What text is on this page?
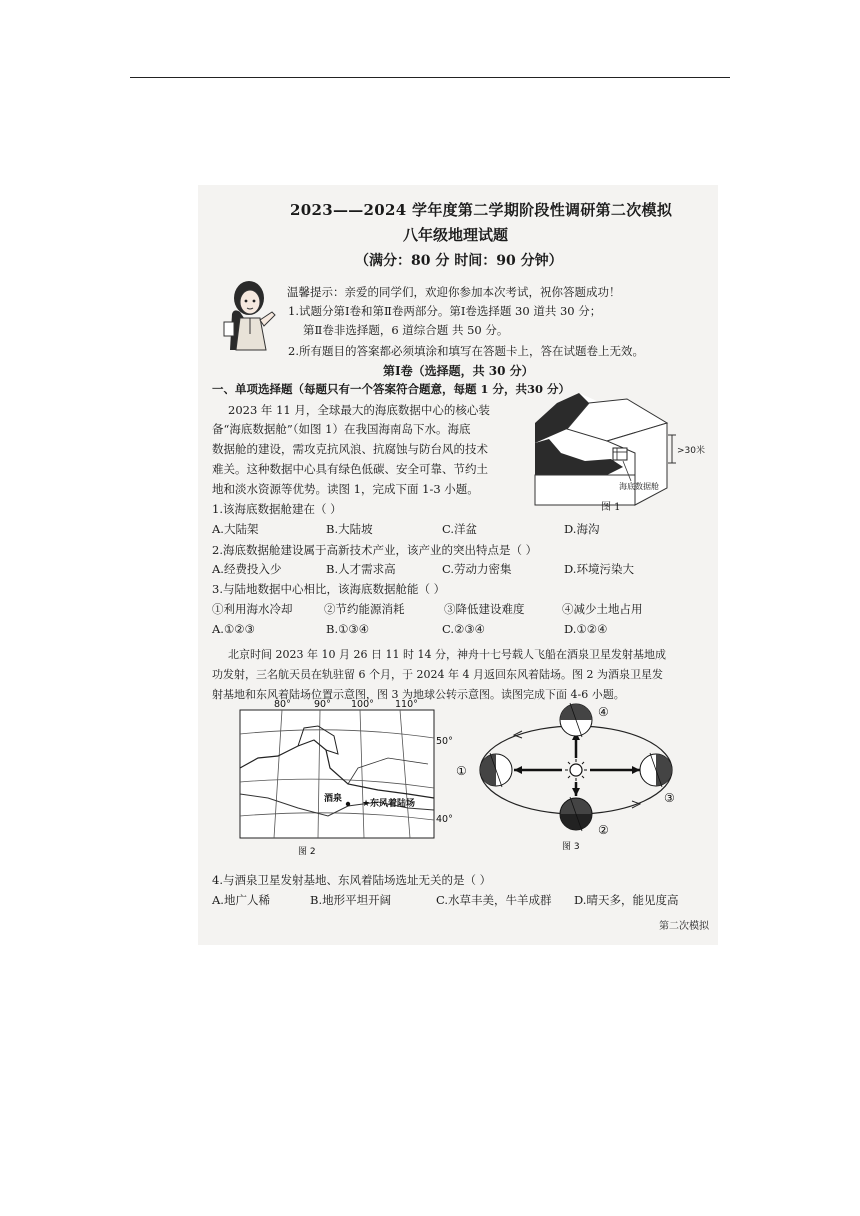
2023——2024 学年度第二学期阶段性调研第二次模拟
八年级地理试题
（满分：80 分 时间：90 分钟）
温馨提示：亲爱的同学们，欢迎你参加本次考试，祝你答题成功！
1.试题分第Ⅰ卷和第Ⅱ卷两部分。第Ⅰ卷选择题 30 道共 30 分；
第Ⅱ卷非选择题，6 道综合题 共 50 分。
2.所有题目的答案都必须填涂和填写在答题卡上，答在试题卷上无效。
第Ⅰ卷（选择题，共 30 分）
一、单项选择题（每题只有一个答案符合题意，每题 1 分，共30 分）
2023 年 11 月，全球最大的海底数据中心的核心装
备“海底数据舱”（如图 1）在我国海南岛下水。海底
数据舱的建设，需攻克抗风浪、抗腐蚀与防台风的技术
难关。这种数据中心具有绿色低碳、安全可靠、节约土
地和淡水资源等优势。读图 1，完成下面 1-3 小题。
>30米
海底数据舱
图 1
1.该海底数据舱建在（ ）
A.大陆架	B.大陆坡	C.洋盆	D.海沟
2.海底数据舱建设属于高新技术产业，该产业的突出特点是（ ）
A.经费投入少	B.人才需求高	C.劳动力密集	D.环境污染大
3.与陆地数据中心相比，该海底数据舱能（ ）
①利用海水冷却	②节约能源消耗	③降低建设难度	④减少土地占用
A.①②③	B.①③④	C.②③④	D.①②④
北京时间 2023 年 10 月 26 日 11 时 14 分，神舟十七号载人飞船在酒泉卫星发射基地成
功发射，三名航天员在轨驻留 6 个月，于 2024 年 4 月返回东风着陆场。图 2 为酒泉卫星发
射基地和东风着陆场位置示意图，图 3 为地球公转示意图。读图完成下面 4-6 小题。
★
酒泉	东风着陆场
80° 90° 100° 110°
50°
40°
图 2
①
②
③
④
图 3
4.与酒泉卫星发射基地、东风着陆场选址无关的是（ ）
A.地广人稀	B.地形平坦开阔	C.水草丰美，牛羊成群 D.晴天多，能见度高
第二次模拟
